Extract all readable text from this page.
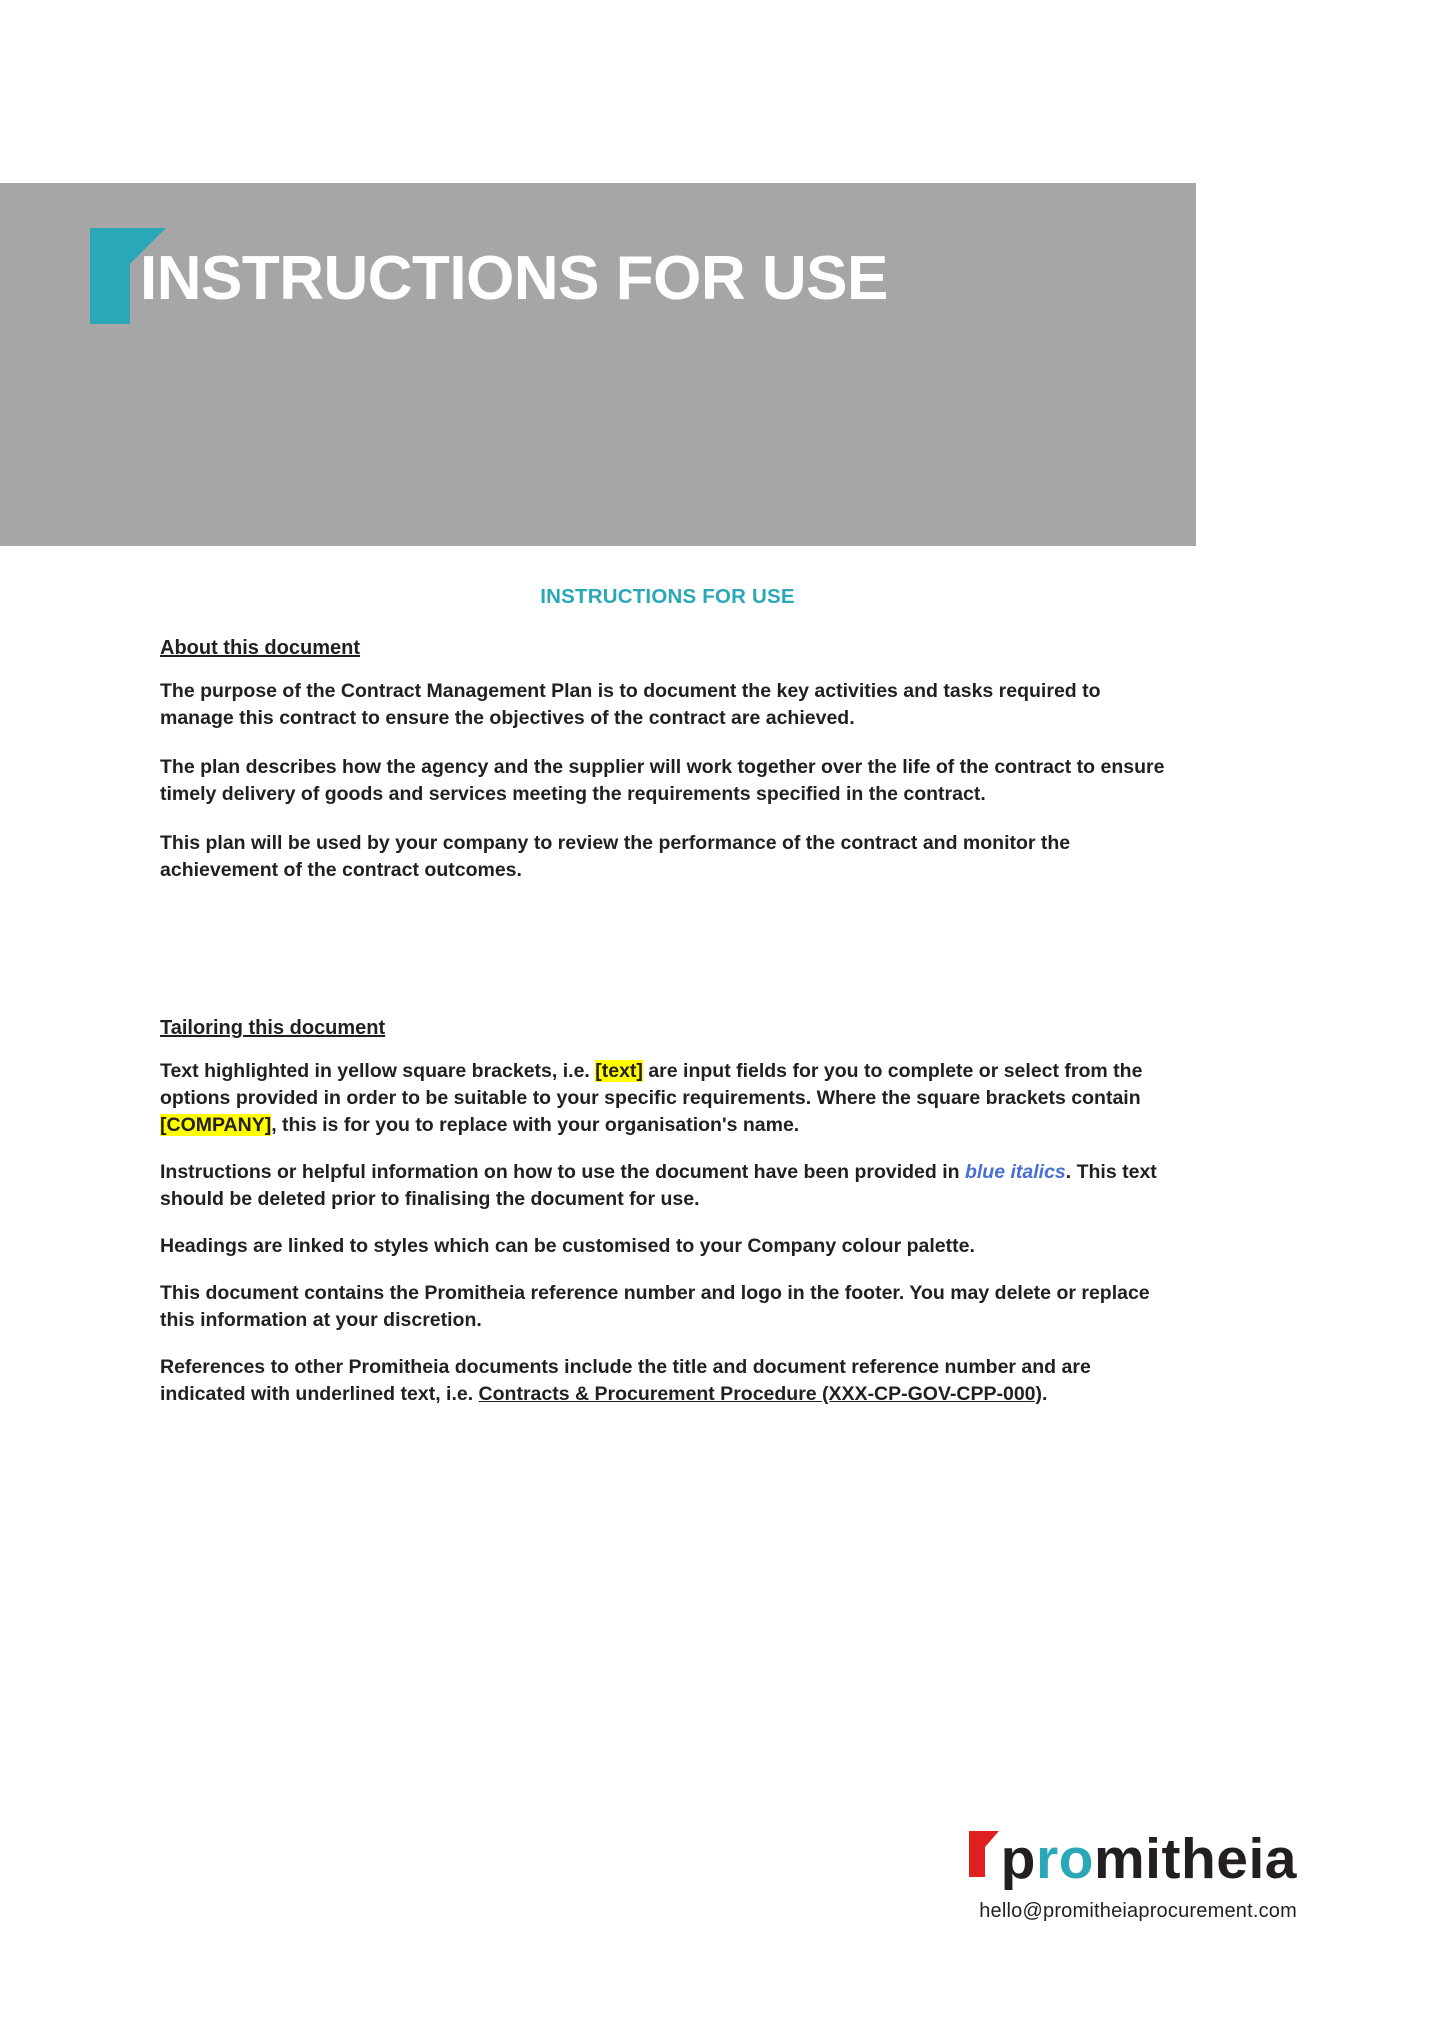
INSTRUCTIONS FOR USE
INSTRUCTIONS FOR USE
About this document

The purpose of the Contract Management Plan is to document the key activities and tasks required to manage this contract to ensure the objectives of the contract are achieved.

The plan describes how the agency and the supplier will work together over the life of the contract to ensure timely delivery of goods and services meeting the requirements specified in the contract.

This plan will be used by your company to review the performance of the contract and monitor the achievement of the contract outcomes.

Tailoring this document

Text highlighted in yellow square brackets, i.e. [text] are input fields for you to complete or select from the options provided in order to be suitable to your specific requirements. Where the square brackets contain [COMPANY], this is for you to replace with your organisation's name.

Instructions or helpful information on how to use the document have been provided in blue italics. This text should be deleted prior to finalising the document for use.

Headings are linked to styles which can be customised to your Company colour palette.

This document contains the Promitheia reference number and logo in the footer. You may delete or replace this information at your discretion.

References to other Promitheia documents include the title and document reference number and are indicated with underlined text, i.e. Contracts & Procurement Procedure (XXX-CP-GOV-CPP-000).

promitheia
hello@promitheiaprocurement.com
